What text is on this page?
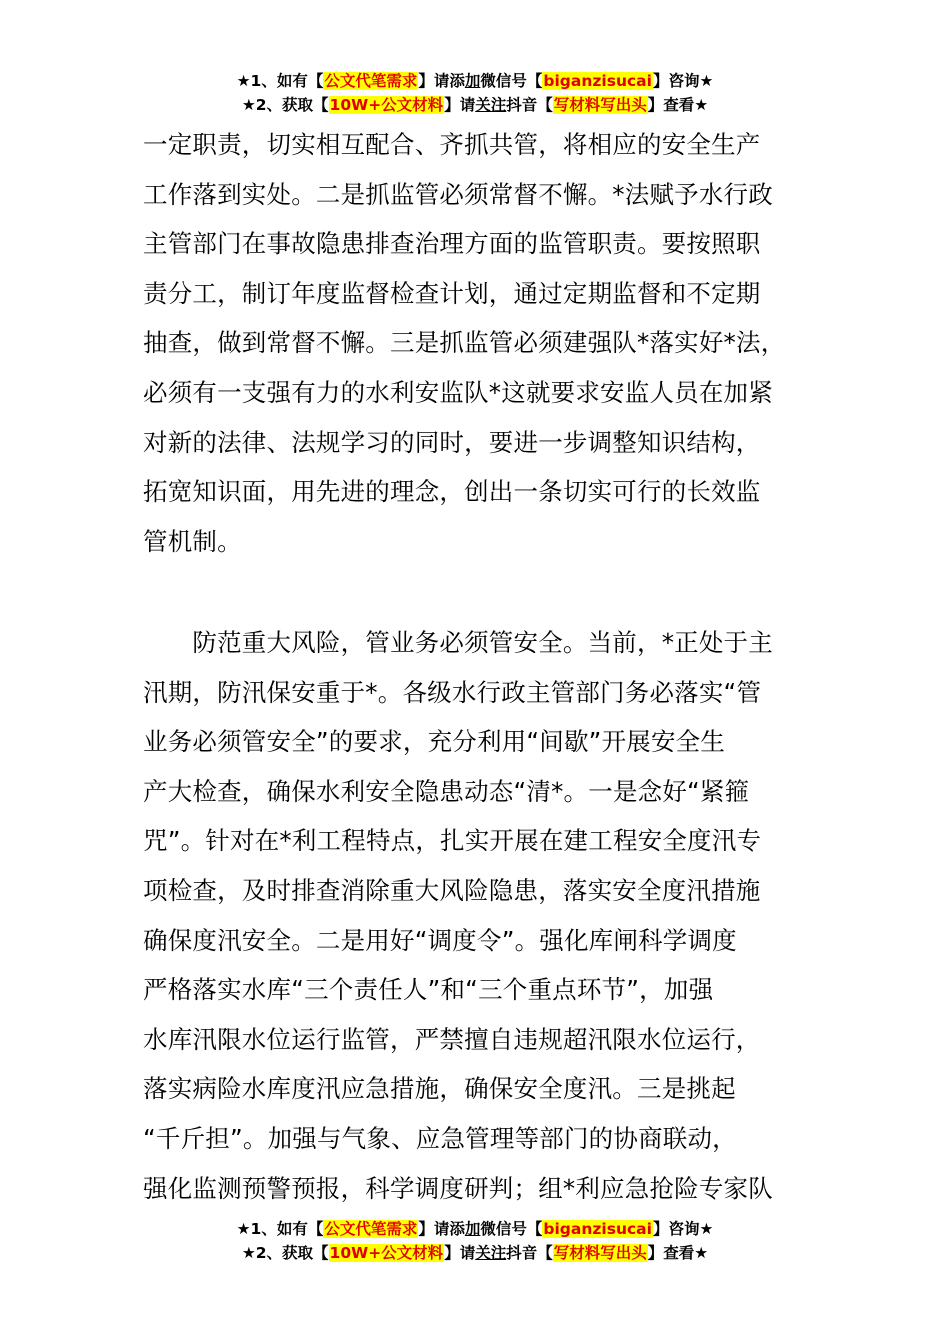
★1、如有【公文代笔需求】请添加微信号【biganzisucai】咨询★
★2、获取【10W+公文材料】请关注抖音【写材料写出头】查看★
一定职责，切实相互配合、齐抓共管，将相应的安全生产
工作落到实处。二是抓监管必须常督不懈。*法赋予水行政
主管部门在事故隐患排查治理方面的监管职责。要按照职
责分工，制订年度监督检查计划，通过定期监督和不定期
抽查，做到常督不懈。三是抓监管必须建强队*落实好*法，
必须有一支强有力的水利安监队*这就要求安监人员在加紧
对新的法律、法规学习的同时，要进一步调整知识结构，
拓宽知识面，用先进的理念，创出一条切实可行的长效监
管机制。
　　防范重大风险，管业务必须管安全。当前，*正处于主
汛期，防汛保安重于*。各级水行政主管部门务必落实“管
业务必须管安全”的要求，充分利用“间歇”开展安全生
产大检查，确保水利安全隐患动态“清*。一是念好“紧箍
咒”。针对在*利工程特点，扎实开展在建工程安全度汛专
项检查，及时排查消除重大风险隐患，落实安全度汛措施
确保度汛安全。二是用好“调度令”。强化库闸科学调度
严格落实水库“三个责任人”和“三个重点环节”，加强
水库汛限水位运行监管，严禁擅自违规超汛限水位运行，
落实病险水库度汛应急措施，确保安全度汛。三是挑起
“千斤担”。加强与气象、应急管理等部门的协商联动，
强化监测预警预报，科学调度研判；组*利应急抢险专家队
★1、如有【公文代笔需求】请添加微信号【biganzisucai】咨询★
★2、获取【10W+公文材料】请关注抖音【写材料写出头】查看★
